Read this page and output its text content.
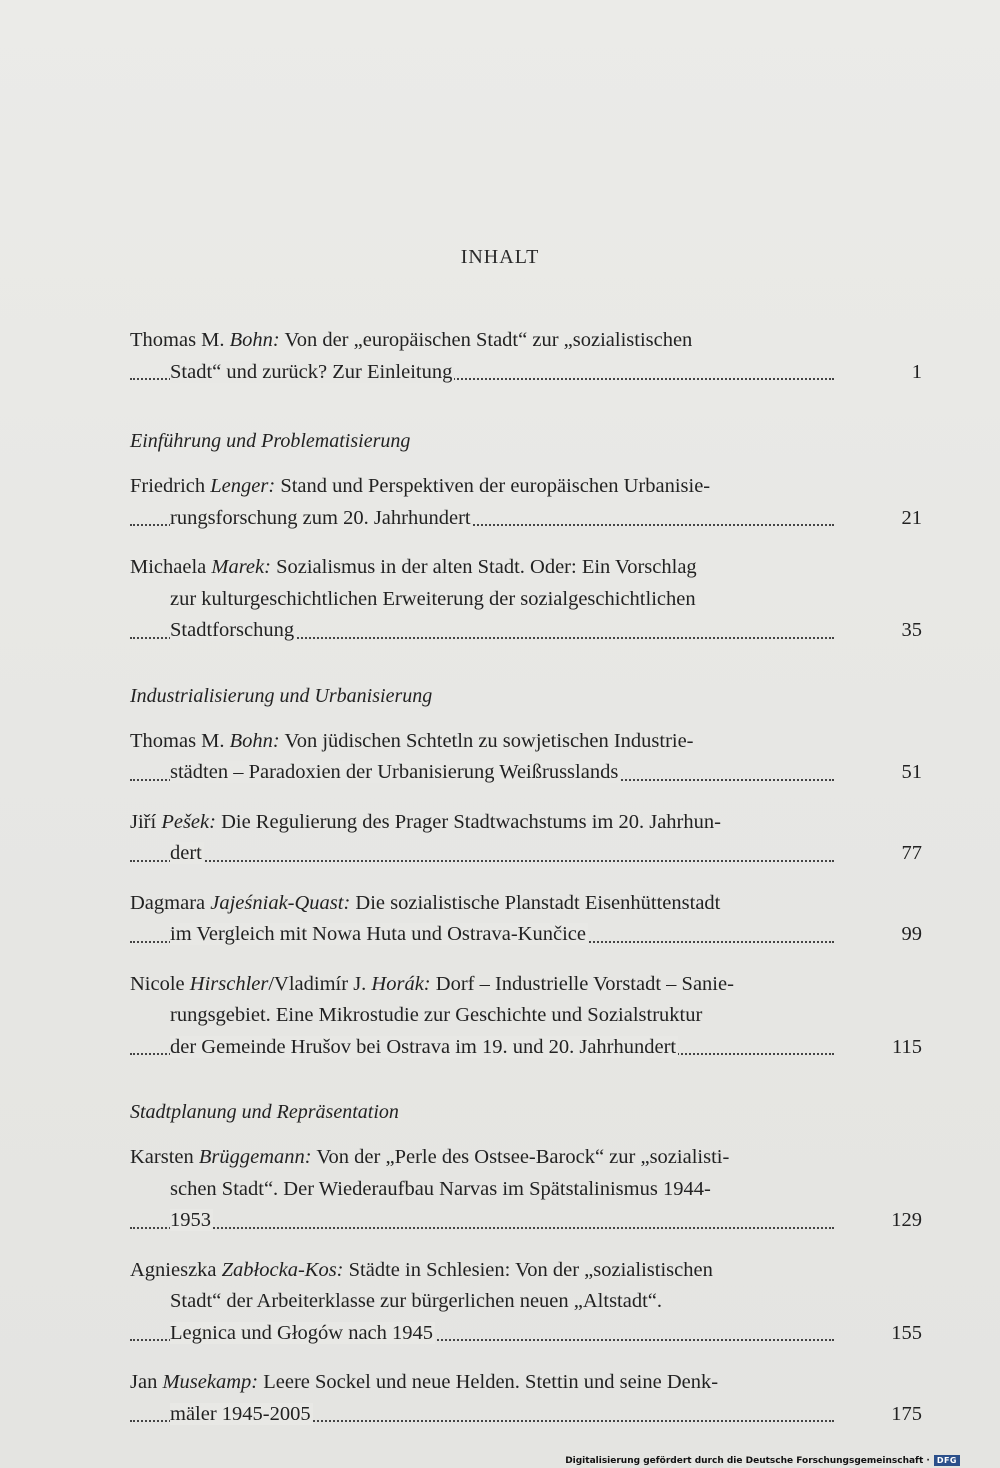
INHALT
Thomas M. Bohn: Von der „europäischen Stadt“ zur „sozialistischen
Stadt“ und zurück? Zur Einleitung	1
Einführung und Problematisierung
Friedrich Lenger: Stand und Perspektiven der europäischen Urbanisie-
rungsforschung zum 20. Jahrhundert	21
Michaela Marek: Sozialismus in der alten Stadt. Oder: Ein Vorschlag
zur kulturgeschichtlichen Erweiterung der sozialgeschichtlichen
Stadtforschung	35
Industrialisierung und Urbanisierung
Thomas M. Bohn: Von jüdischen Schtetln zu sowjetischen Industrie-
städten – Paradoxien der Urbanisierung Weißrusslands	51
Jiří Pešek: Die Regulierung des Prager Stadtwachstums im 20. Jahrhun-
dert	77
Dagmara Jajeśniak-Quast: Die sozialistische Planstadt Eisenhüttenstadt
im Vergleich mit Nowa Huta und Ostrava-Kunčice	99
Nicole Hirschler/Vladimír J. Horák: Dorf – Industrielle Vorstadt – Sanie-
rungsgebiet. Eine Mikrostudie zur Geschichte und Sozialstruktur
der Gemeinde Hrušov bei Ostrava im 19. und 20. Jahrhundert	115
Stadtplanung und Repräsentation
Karsten Brüggemann: Von der „Perle des Ostsee-Barock“ zur „sozialisti-
schen Stadt“. Der Wiederaufbau Narvas im Spätstalinismus 1944-
1953	129
Agnieszka Zabłocka-Kos: Städte in Schlesien: Von der „sozialistischen
Stadt“ der Arbeiterklasse zur bürgerlichen neuen „Altstadt“.
Legnica und Głogów nach 1945	155
Jan Musekamp: Leere Sockel und neue Helden. Stettin und seine Denk-
mäler 1945-2005	175
Digitalisierung gefördert durch die Deutsche Forschungsgemeinschaft · DFG
